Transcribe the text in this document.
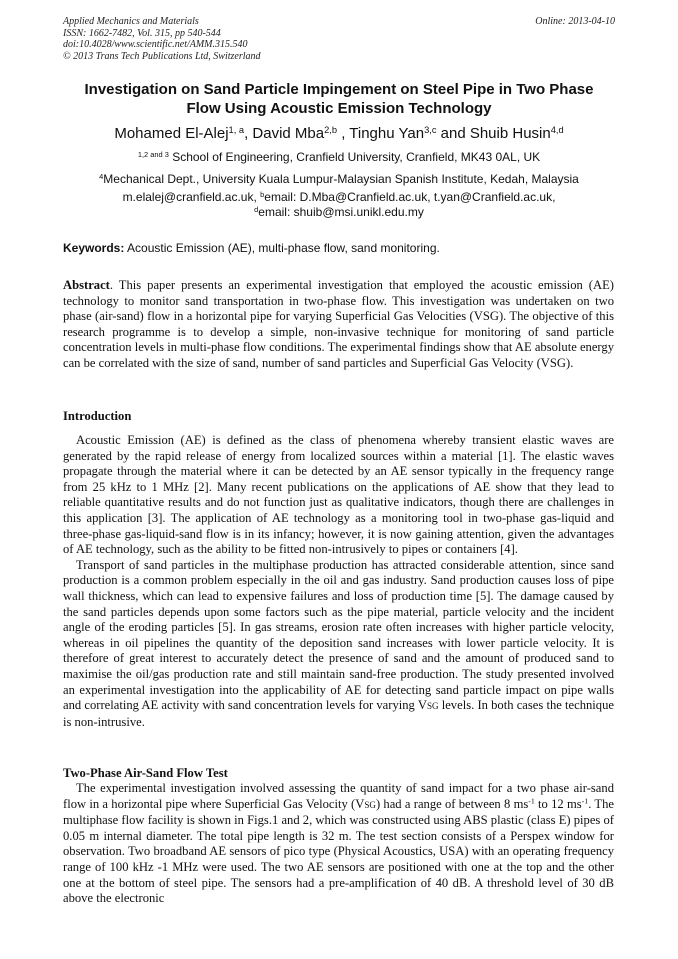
Applied Mechanics and Materials
ISSN: 1662-7482, Vol. 315, pp 540-544
doi:10.4028/www.scientific.net/AMM.315.540
© 2013 Trans Tech Publications Ltd, Switzerland
Online: 2013-04-10
Investigation on Sand Particle Impingement on Steel Pipe in Two Phase
Flow Using Acoustic Emission Technology
Mohamed El-Alej$^{1, a}$, David Mba$^{2,b}$ , Tinghu Yan$^{3,c}$ and Shuib Husin$^{4,d}$
$^{1,2 and 3}$ School of Engineering, Cranfield University, Cranfield, MK43 0AL, UK
$^4$Mechanical Dept., University Kuala Lumpur-Malaysian Spanish Institute, Kedah, Malaysia
m.elalej@cranfield.ac.uk, $^b$email: D.Mba@Cranfield.ac.uk, t.yan@Cranfield.ac.uk,
$^d$email: shuib@msi.unikl.edu.my
Keywords: Acoustic Emission (AE), multi-phase flow, sand monitoring.

Abstract. This paper presents an experimental investigation that employed the acoustic emission (AE) technology to monitor sand transportation in two-phase flow. This investigation was undertaken on two phase (air-sand) flow in a horizontal pipe for varying Superficial Gas Velocities (VSG). The objective of this research programme is to develop a simple, non-invasive technique for monitoring of sand particle concentration levels in multi-phase flow conditions. The experimental findings show that AE absolute energy can be correlated with the size of sand, number of sand particles and Superficial Gas Velocity (VSG).

Introduction

Acoustic Emission (AE) is defined as the class of phenomena whereby transient elastic waves are generated by the rapid release of energy from localized sources within a material [1]. The elastic waves propagate through the material where it can be detected by an AE sensor typically in the frequency range from 25 kHz to 1 MHz [2]. Many recent publications on the applications of AE show that they lead to reliable quantitative results and do not function just as qualitative indicators, though there are challenges in this application [3]. The application of AE technology as a monitoring tool in two-phase gas-liquid and three-phase gas-liquid-sand flow is in its infancy; however, it is now gaining attention, given the advantages of AE technology, such as the ability to be fitted non-intrusively to pipes or containers [4].

Transport of sand particles in the multiphase production has attracted considerable attention, since sand production is a common problem especially in the oil and gas industry. Sand production causes loss of pipe wall thickness, which can lead to expensive failures and loss of production time [5]. The damage caused by the sand particles depends upon some factors such as the pipe material, particle velocity and the incident angle of the eroding particles [5]. In gas streams, erosion rate often increases with higher particle velocity, whereas in oil pipelines the quantity of the deposition sand increases with lower particle velocity. It is therefore of great interest to accurately detect the presence of sand and the amount of produced sand to maximise the oil/gas production rate and still maintain sand-free production. The study presented involved an experimental investigation into the applicability of AE for detecting sand particle impact on pipe walls and correlating AE activity with sand concentration levels for varying VSG levels. In both cases the technique is non-intrusive.

Two-Phase Air-Sand Flow Test

The experimental investigation involved assessing the quantity of sand impact for a two phase air-sand flow in a horizontal pipe where Superficial Gas Velocity (VSG) had a range of between 8 $ms^{-1}$ to 12 $ms^{-1}$. The multiphase flow facility is shown in Figs.1 and 2, which was constructed using ABS plastic (class E) pipes of 0.05 m internal diameter. The total pipe length is 32 m. The test section consists of a Perspex window for observation. Two broadband AE sensors of pico type (Physical Acoustics, USA) with an operating frequency range of 100 kHz -1 MHz were used. The two AE sensors are positioned with one at the top and the other one at the bottom of steel pipe. The sensors had a pre-amplification of 40 dB. A threshold level of 30 dB above the electronic
